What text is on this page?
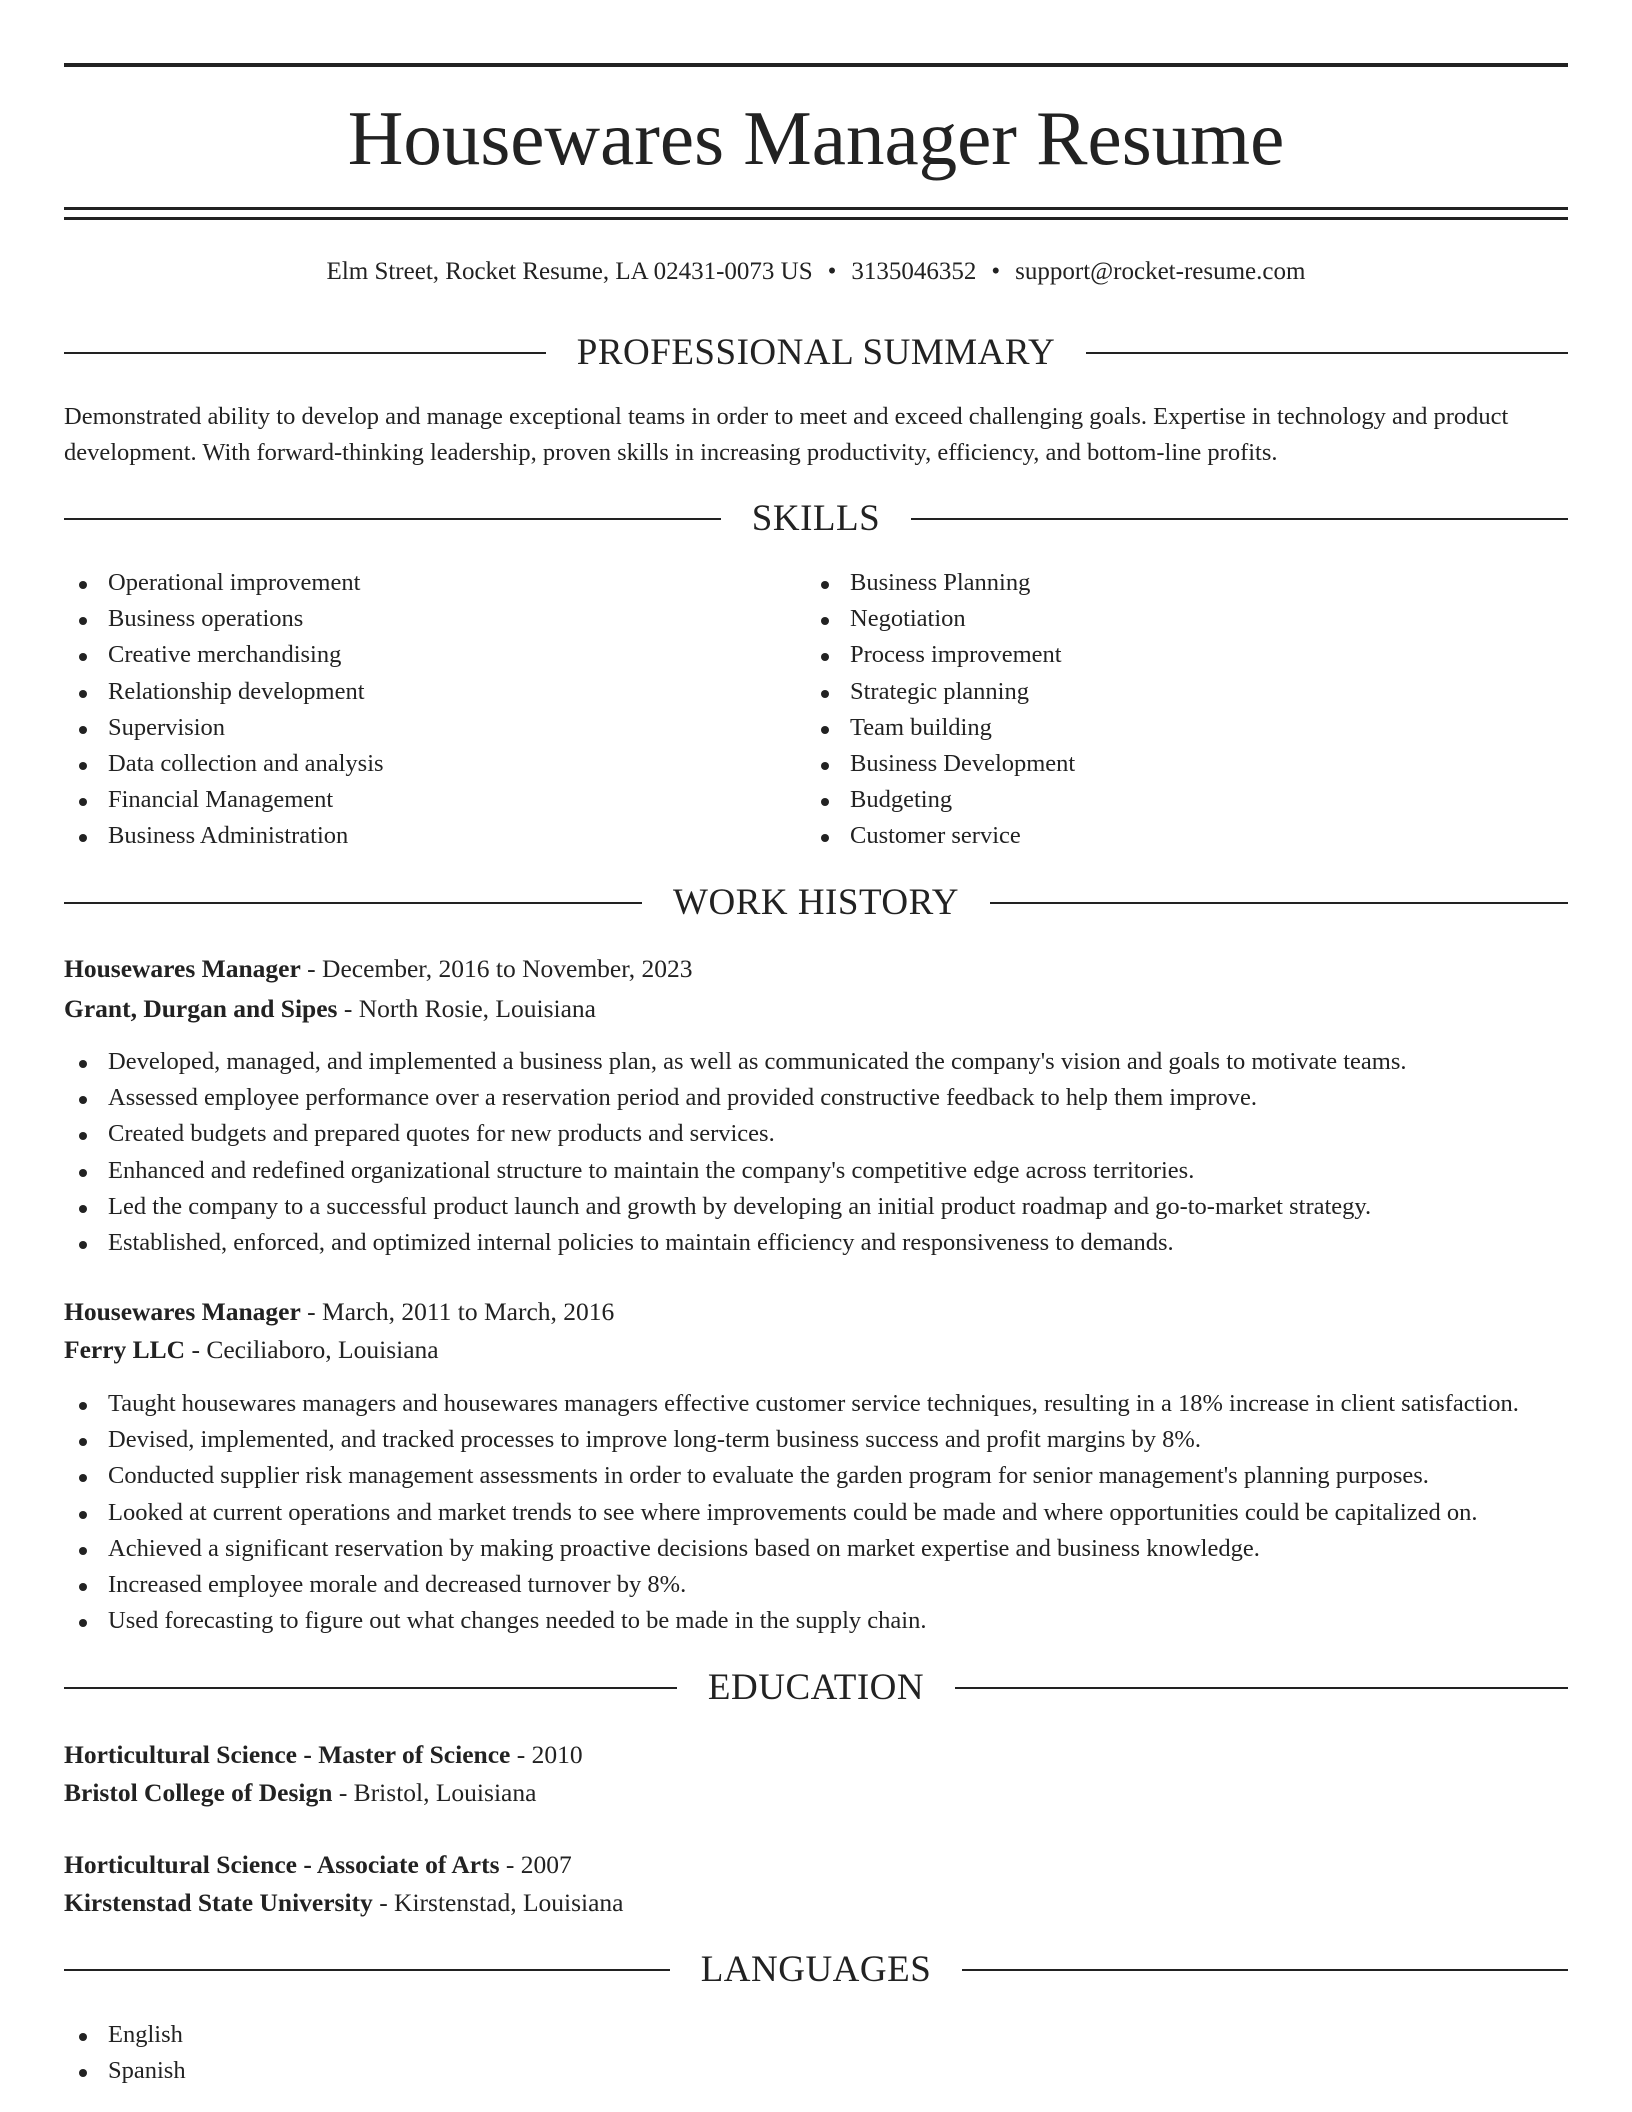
Housewares Manager Resume
Elm Street, Rocket Resume, LA 02431-0073 US • 3135046352 • support@rocket-resume.com
PROFESSIONAL SUMMARY

Demonstrated ability to develop and manage exceptional teams in order to meet and exceed challenging goals. Expertise in technology and product development. With forward-thinking leadership, proven skills in increasing productivity, efficiency, and bottom-line profits.

SKILLS
Operational improvement
Business operations
Creative merchandising
Relationship development
Supervision
Data collection and analysis
Financial Management
Business Administration
Business Planning
Negotiation
Process improvement
Strategic planning
Team building
Business Development
Budgeting
Customer service
WORK HISTORY
Housewares Manager - December, 2016 to November, 2023
Grant, Durgan and Sipes - North Rosie, Louisiana
Developed, managed, and implemented a business plan, as well as communicated the company's vision and goals to motivate teams.
Assessed employee performance over a reservation period and provided constructive feedback to help them improve.
Created budgets and prepared quotes for new products and services.
Enhanced and redefined organizational structure to maintain the company's competitive edge across territories.
Led the company to a successful product launch and growth by developing an initial product roadmap and go-to-market strategy.
Established, enforced, and optimized internal policies to maintain efficiency and responsiveness to demands.
Housewares Manager - March, 2011 to March, 2016
Ferry LLC - Ceciliaboro, Louisiana
Taught housewares managers and housewares managers effective customer service techniques, resulting in a 18% increase in client satisfaction.
Devised, implemented, and tracked processes to improve long-term business success and profit margins by 8%.
Conducted supplier risk management assessments in order to evaluate the garden program for senior management's planning purposes.
Looked at current operations and market trends to see where improvements could be made and where opportunities could be capitalized on.
Achieved a significant reservation by making proactive decisions based on market expertise and business knowledge.
Increased employee morale and decreased turnover by 8%.
Used forecasting to figure out what changes needed to be made in the supply chain.
EDUCATION
Horticultural Science - Master of Science - 2010
Bristol College of Design - Bristol, Louisiana
Horticultural Science - Associate of Arts - 2007
Kirstenstad State University - Kirstenstad, Louisiana
LANGUAGES
English
Spanish
